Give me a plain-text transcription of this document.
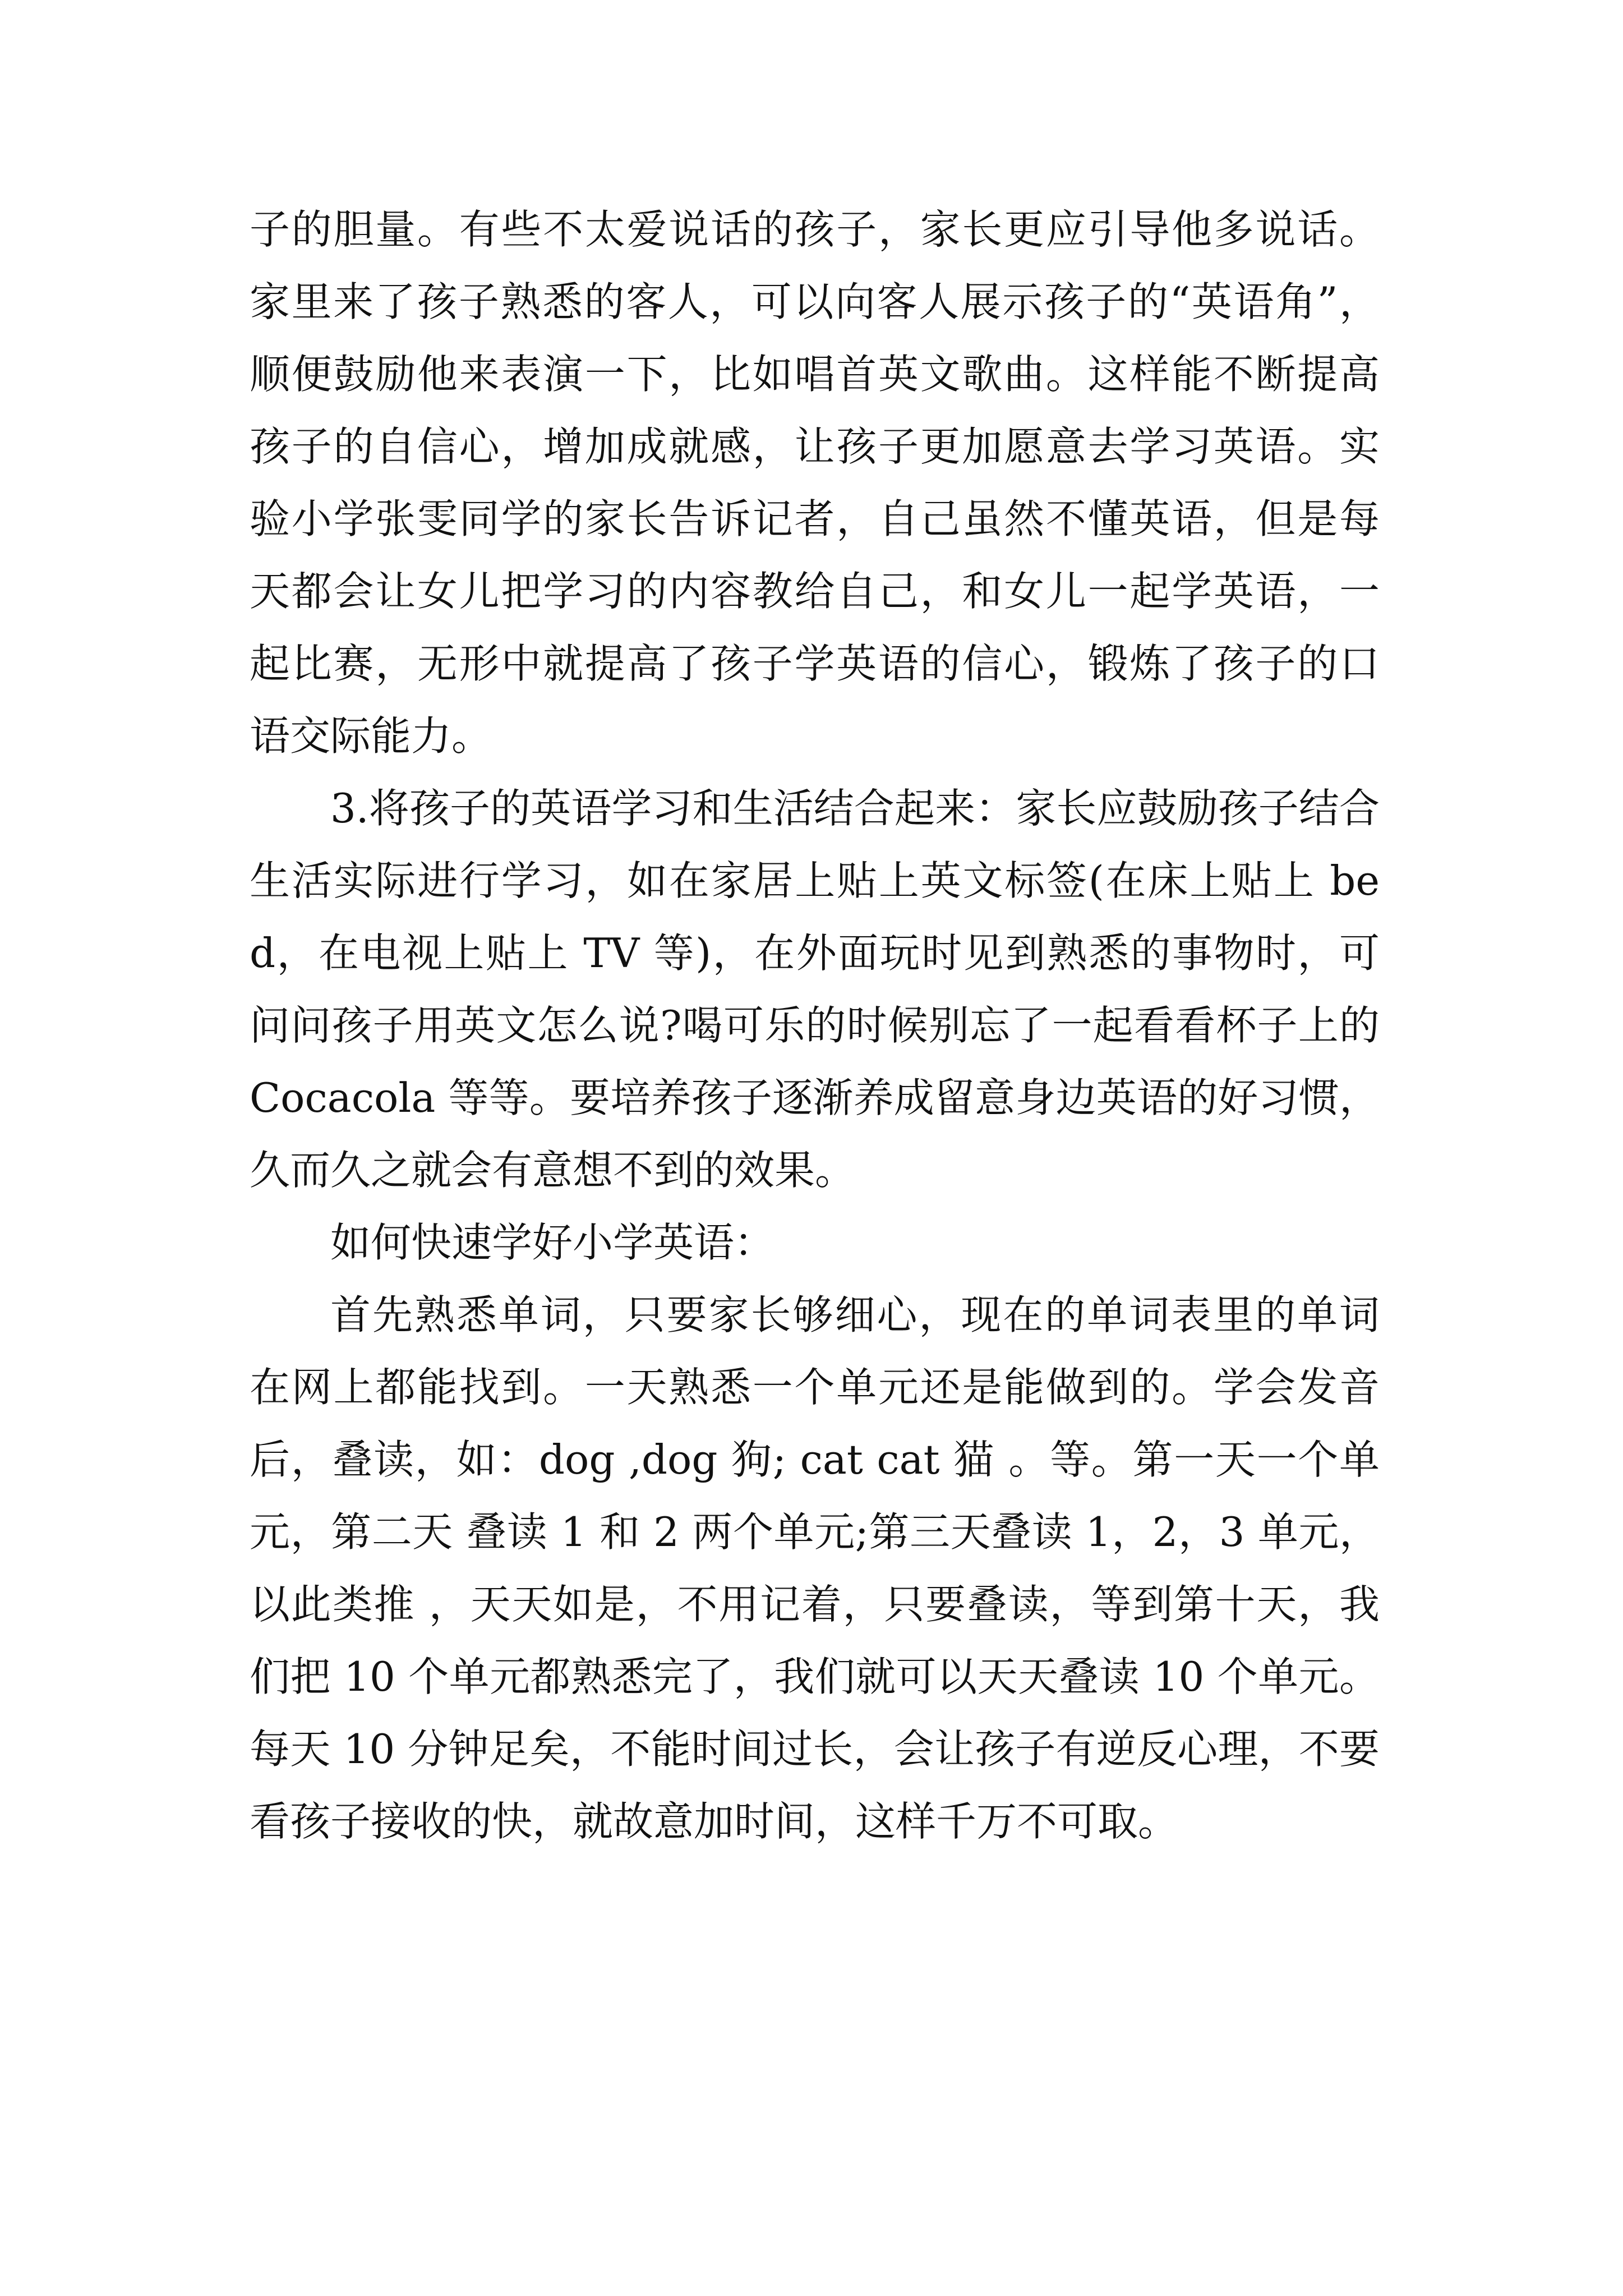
子的胆量。有些不太爱说话的孩子，家长更应引导他多说话。家里来了孩子熟悉的客人，可以向客人展示孩子的“英语角”，顺便鼓励他来表演一下，比如唱首英文歌曲。这样能不断提高孩子的自信心，增加成就感，让孩子更加愿意去学习英语。实验小学张雯同学的家长告诉记者，自己虽然不懂英语，但是每天都会让女儿把学习的内容教给自己，和女儿一起学英语，一起比赛，无形中就提高了孩子学英语的信心，锻炼了孩子的口语交际能力。

3.将孩子的英语学习和生活结合起来：家长应鼓励孩子结合生活实际进行学习，如在家居上贴上英文标签(在床上贴上 bed，在电视上贴上 TV 等)，在外面玩时见到熟悉的事物时，可问问孩子用英文怎么说?喝可乐的时候别忘了一起看看杯子上的 Cocacola 等等。要培养孩子逐渐养成留意身边英语的好习惯，久而久之就会有意想不到的效果。

如何快速学好小学英语：

首先熟悉单词，只要家长够细心，现在的单词表里的单词在网上都能找到。一天熟悉一个单元还是能做到的。学会发音后，叠读，如：dog ,dog 狗; cat cat 猫 。等。第一天一个单元，第二天 叠读 1 和 2 两个单元;第三天叠读 1，2，3 单元，以此类推 ，天天如是，不用记着，只要叠读，等到第十天，我们把 10 个单元都熟悉完了，我们就可以天天叠读 10 个单元。每天 10 分钟足矣，不能时间过长，会让孩子有逆反心理，不要看孩子接收的快，就故意加时间，这样千万不可取。
